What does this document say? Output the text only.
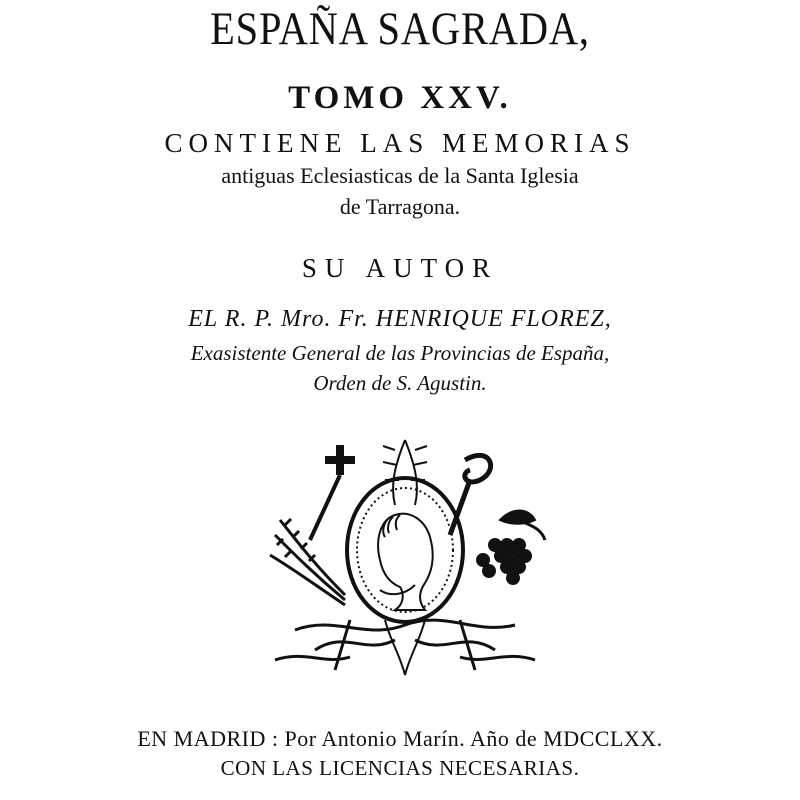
ESPAÑA SAGRADA,
TOMO XXV.
CONTIENE LAS MEMORIAS
antiguas Eclesiasticas de la Santa Iglesia
de Tarragona.
SU AUTOR
EL R. P. Mro. Fr. HENRIQUE FLOREZ,
Exasistente General de las Provincias de España,
Orden de S. Agustin.
EN MADRID : Por Antonio Marín. Año de MDCCLXX.
CON LAS LICENCIAS NECESARIAS.
